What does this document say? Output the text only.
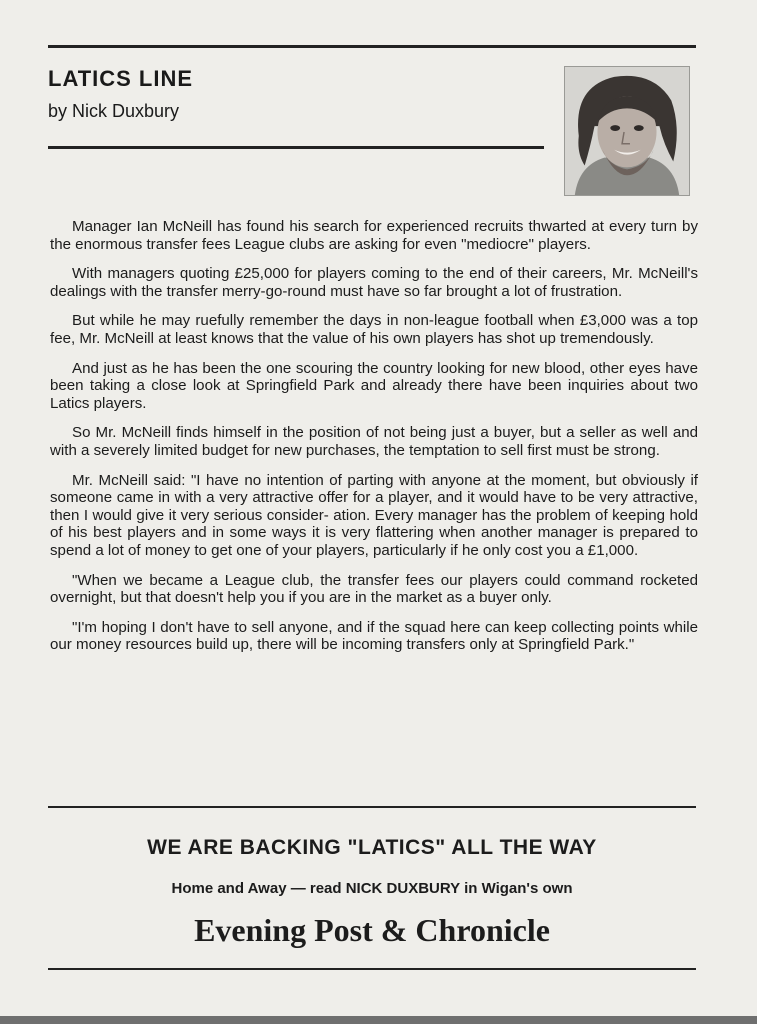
LATICS LINE
by Nick Duxbury

Manager Ian McNeill has found his search for experienced recruits thwarted at every turn by the enormous transfer fees League clubs are asking for even "mediocre" players.

With managers quoting £25,000 for players coming to the end of their careers, Mr. McNeill's dealings with the transfer merry-go-round must have so far brought a lot of frustration.

But while he may ruefully remember the days in non-league football when £3,000 was a top fee, Mr. McNeill at least knows that the value of his own players has shot up tremendously.

And just as he has been the one scouring the country looking for new blood, other eyes have been taking a close look at Springfield Park and already there have been inquiries about two Latics players.

So Mr. McNeill finds himself in the position of not being just a buyer, but a seller as well and with a severely limited budget for new purchases, the temptation to sell first must be strong.

Mr. McNeill said: "I have no intention of parting with anyone at the moment, but obviously if someone came in with a very attractive offer for a player, and it would have to be very attractive, then I would give it very serious consider- ation. Every manager has the problem of keeping hold of his best players and in some ways it is very flattering when another manager is prepared to spend a lot of money to get one of your players, particularly if he only cost you a £1,000.

"When we became a League club, the transfer fees our players could command rocketed overnight, but that doesn't help you if you are in the market as a buyer only.

"I'm hoping I don't have to sell anyone, and if the squad here can keep collecting points while our money resources build up, there will be incoming transfers only at Springfield Park."

WE ARE BACKING "LATICS" ALL THE WAY
Home and Away — read NICK DUXBURY in Wigan's own
Evening Post & Chronicle
